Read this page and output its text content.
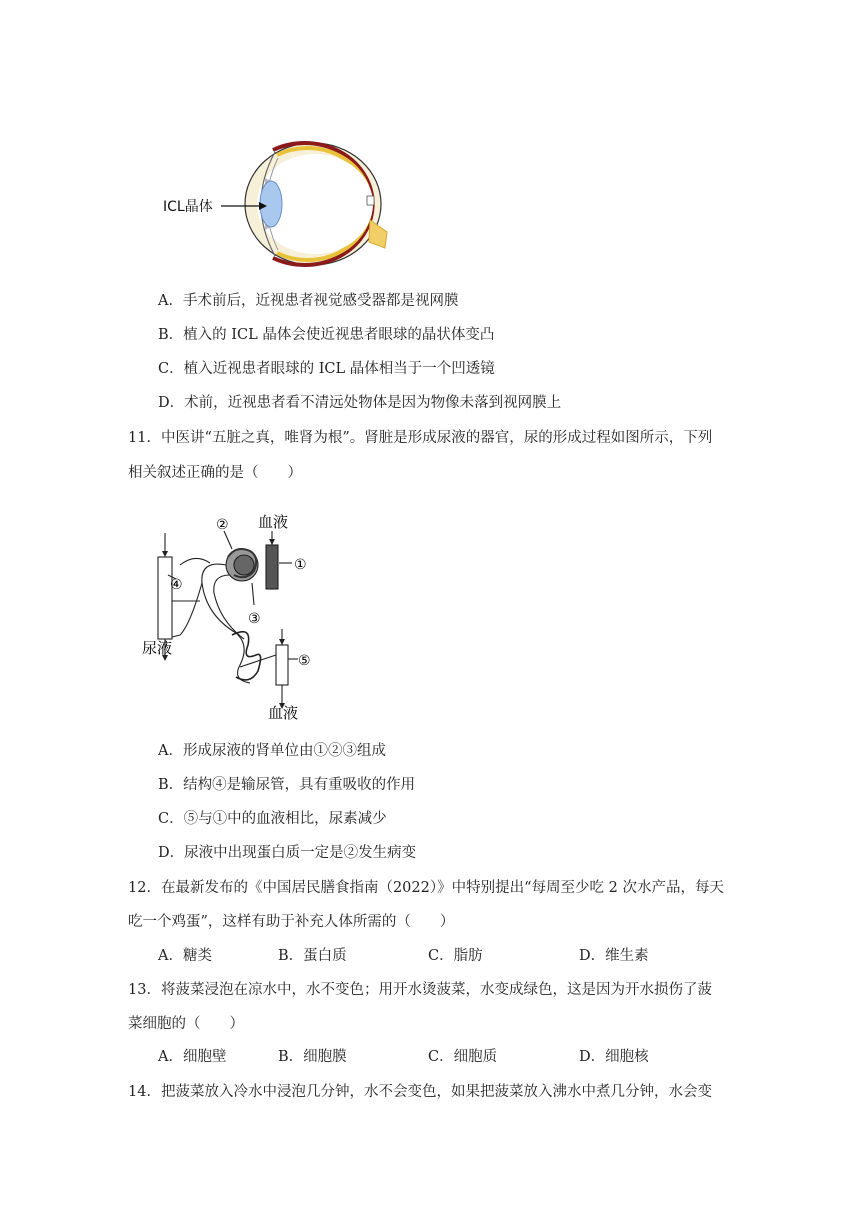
ICL晶体
A．手术前后，近视患者视觉感受器都是视网膜
B．植入的 ICL 晶体会使近视患者眼球的晶状体变凸
C．植入近视患者眼球的 ICL 晶体相当于一个凹透镜
D．术前，近视患者看不清远处物体是因为物像未落到视网膜上
11．中医讲“五脏之真，唯肾为根”。肾脏是形成尿液的器官，尿的形成过程如图所示，下列
相关叙述正确的是（　　）
血液
①
②
③
④
⑤
尿液
血液
A．形成尿液的肾单位由①②③组成
B．结构④是输尿管，具有重吸收的作用
C．⑤与①中的血液相比，尿素减少
D．尿液中出现蛋白质一定是②发生病变
12．在最新发布的《中国居民膳食指南（2022）》中特别提出“每周至少吃 2 次水产品，每天
吃一个鸡蛋”，这样有助于补充人体所需的（　　）
A．糖类	B．蛋白质	C．脂肪	D．维生素
13．将菠菜浸泡在凉水中，水不变色；用开水烫菠菜，水变成绿色，这是因为开水损伤了菠
菜细胞的（　　）
A．细胞壁	B．细胞膜	C．细胞质	D．细胞核
14．把菠菜放入冷水中浸泡几分钟，水不会变色，如果把菠菜放入沸水中煮几分钟，水会变
